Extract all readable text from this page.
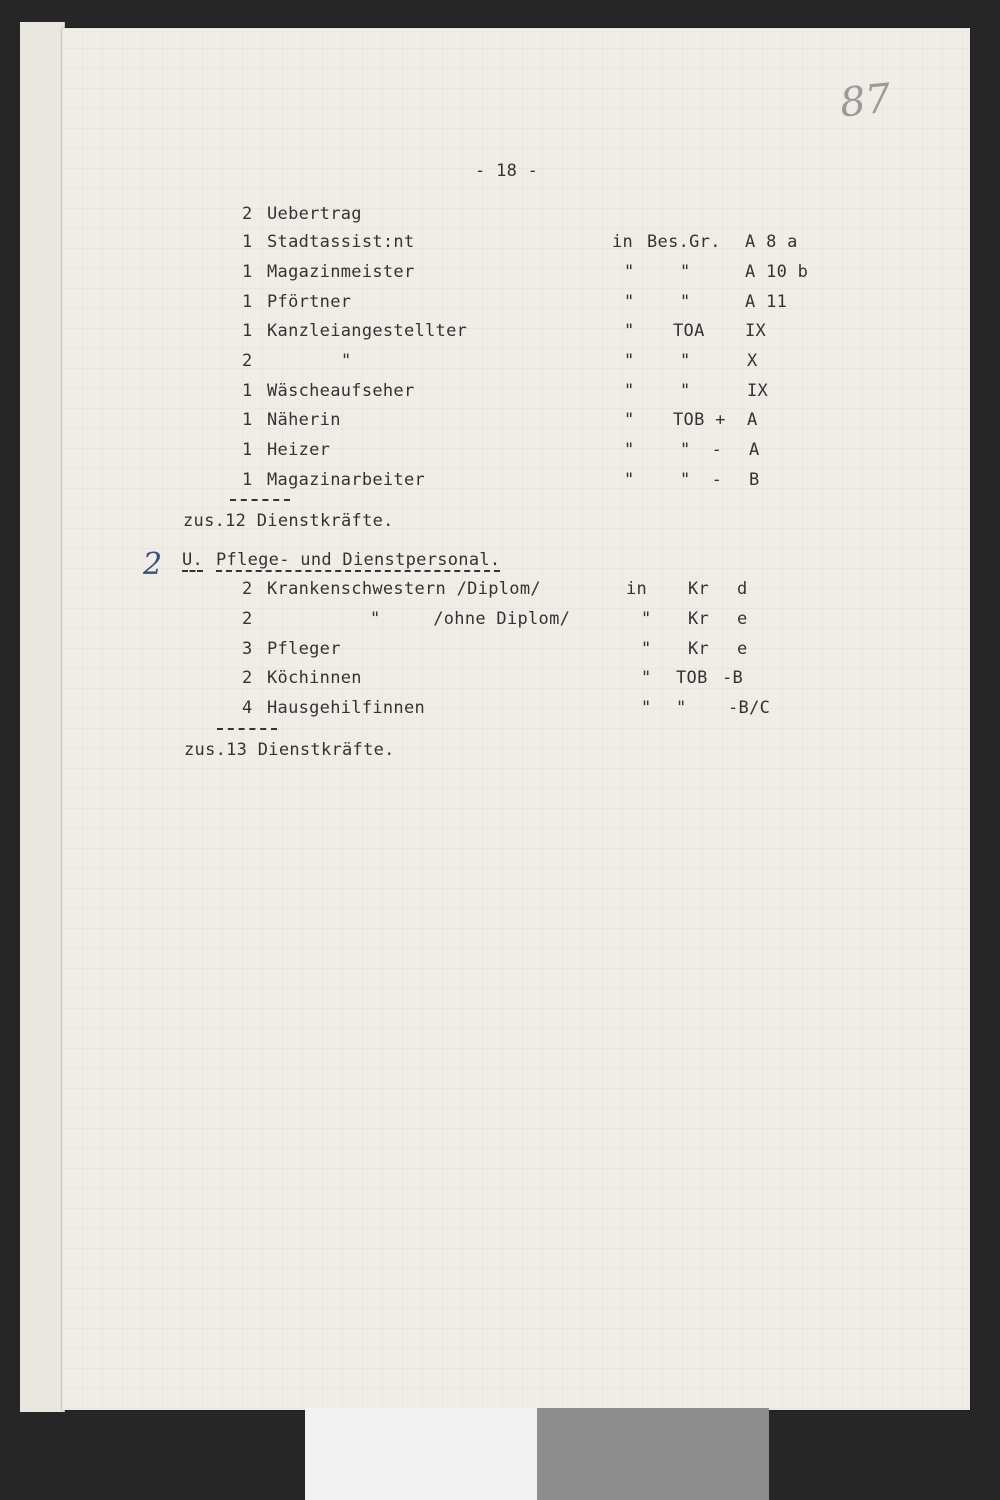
87
- 18 -
2 Uebertrag
1 Stadtassist:nt	in Bes.Gr. A 8 a
1 Magazinmeister	"	"	A 10 b
1 Pförtner	"	"	A 11
1 Kanzleiangestellter	" TOA IX
2	"	"	"	X
1 Wäscheaufseher	"	"	IX
1 Näherin	" TOB + A
1 Heizer	"	"  - A
1 Magazinarbeiter	"	"  - B
zus.12 Dienstkräfte.
2 U. Pflege- und Dienstpersonal.
2 Krankenschwestern /Diplom/	in Kr d
2	"     /ohne Diplom/	" Kr e
3 Pfleger	" Kr e
2 Köchinnen	" TOB -B
4 Hausgehilfinnen	" " -B/C
zus.13 Dienstkräfte.
